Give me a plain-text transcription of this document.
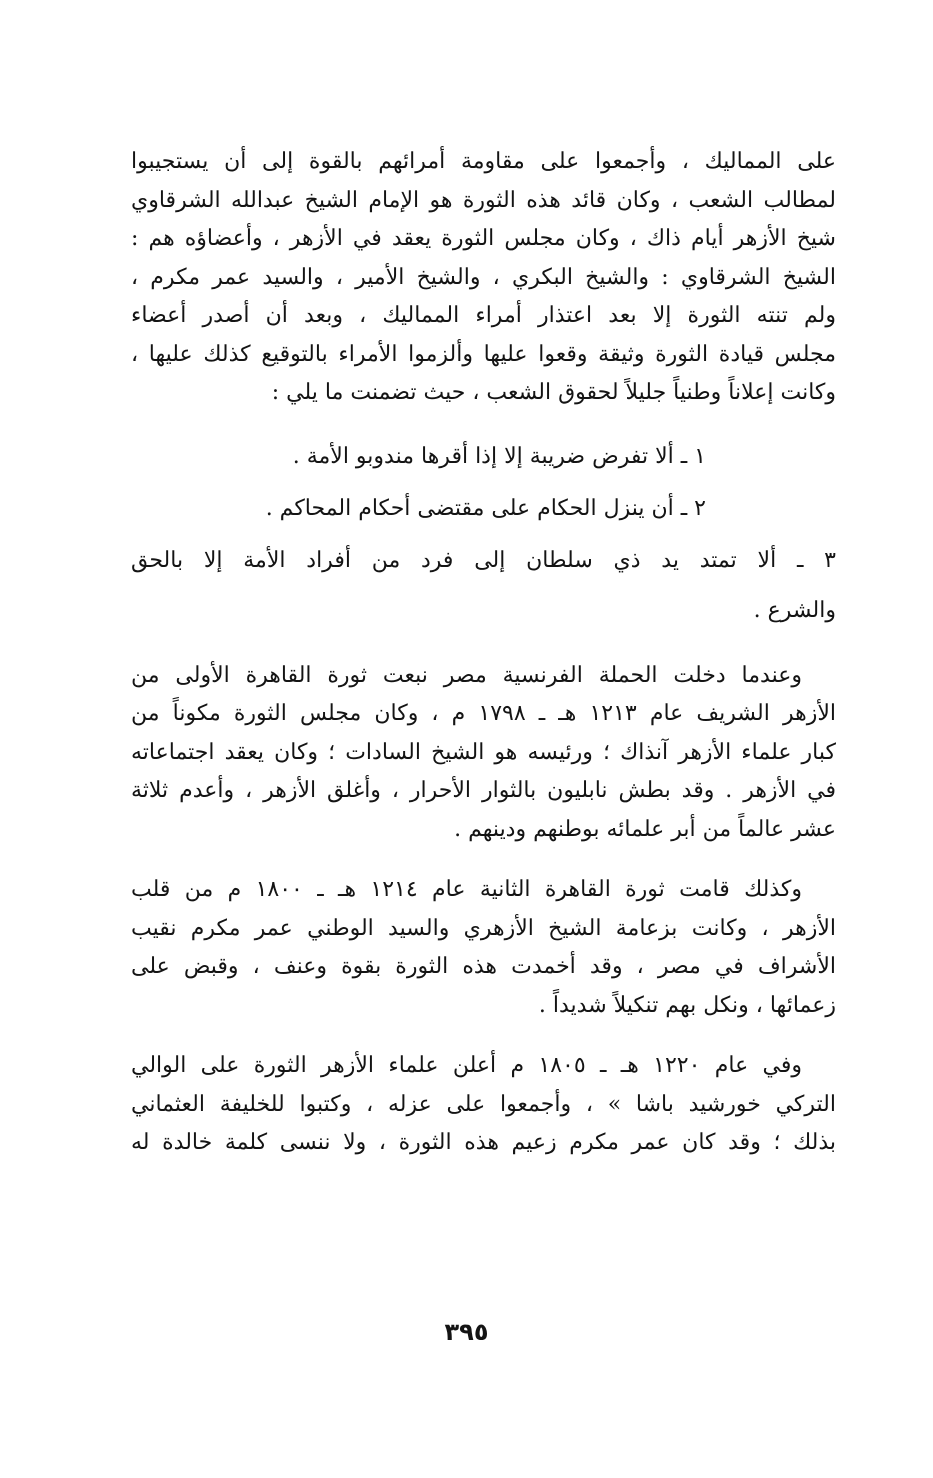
على المماليك ، وأجمعوا على مقاومة أمرائهم بالقوة إلى أن يستجيبوا
لمطالب الشعب ، وكان قائد هذه الثورة هو الإمام الشيخ عبدالله الشرقاوي
شيخ الأزهر أيام ذاك ، وكان مجلس الثورة يعقد في الأزهر ، وأعضاؤه هم :
الشيخ الشرقاوي : والشيخ البكري ، والشيخ الأمير ، والسيد عمر مكرم ،
ولم تنته الثورة إلا بعد اعتذار أمراء المماليك ، وبعد أن أصدر أعضاء
مجلس قيادة الثورة وثيقة وقعوا عليها وألزموا الأمراء بالتوقيع كذلك عليها ،
وكانت إعلاناً وطنياً جليلاً لحقوق الشعب ، حيث تضمنت ما يلي :
١ ـ ألا تفرض ضريبة إلا إذا أقرها مندوبو الأمة .
٢ ـ أن ينزل الحكام على مقتضى أحكام المحاكم .
٣ ـ ألا تمتد يد ذي سلطان إلى فرد من أفراد الأمة إلا بالحق
والشرع .
وعندما دخلت الحملة الفرنسية مصر نبعت ثورة القاهرة الأولى من
الأزهر الشريف عام ١٢١٣ هـ ـ ١٧٩٨ م ، وكان مجلس الثورة مكوناً من
كبار علماء الأزهر آنذاك ؛ ورئيسه هو الشيخ السادات ؛ وكان يعقد اجتماعاته
في الأزهر . وقد بطش نابليون بالثوار الأحرار ، وأغلق الأزهر ، وأعدم ثلاثة
عشر عالماً من أبر علمائه بوطنهم ودينهم .
وكذلك قامت ثورة القاهرة الثانية عام ١٢١٤ هـ ـ ١٨٠٠ م من قلب
الأزهر ، وكانت بزعامة الشيخ الأزهري والسيد الوطني عمر مكرم نقيب
الأشراف في مصر ، وقد أخمدت هذه الثورة بقوة وعنف ، وقبض على
زعمائها ، ونكل بهم تنكيلاً شديداً .
وفي عام ١٢٢٠ هـ ـ ١٨٠٥ م أعلن علماء الأزهر الثورة على الوالي
التركي خورشيد باشا » ، وأجمعوا على عزله ، وكتبوا للخليفة العثماني
بذلك ؛ وقد كان عمر مكرم زعيم هذه الثورة ، ولا ننسى كلمة خالدة له
٣٩٥
